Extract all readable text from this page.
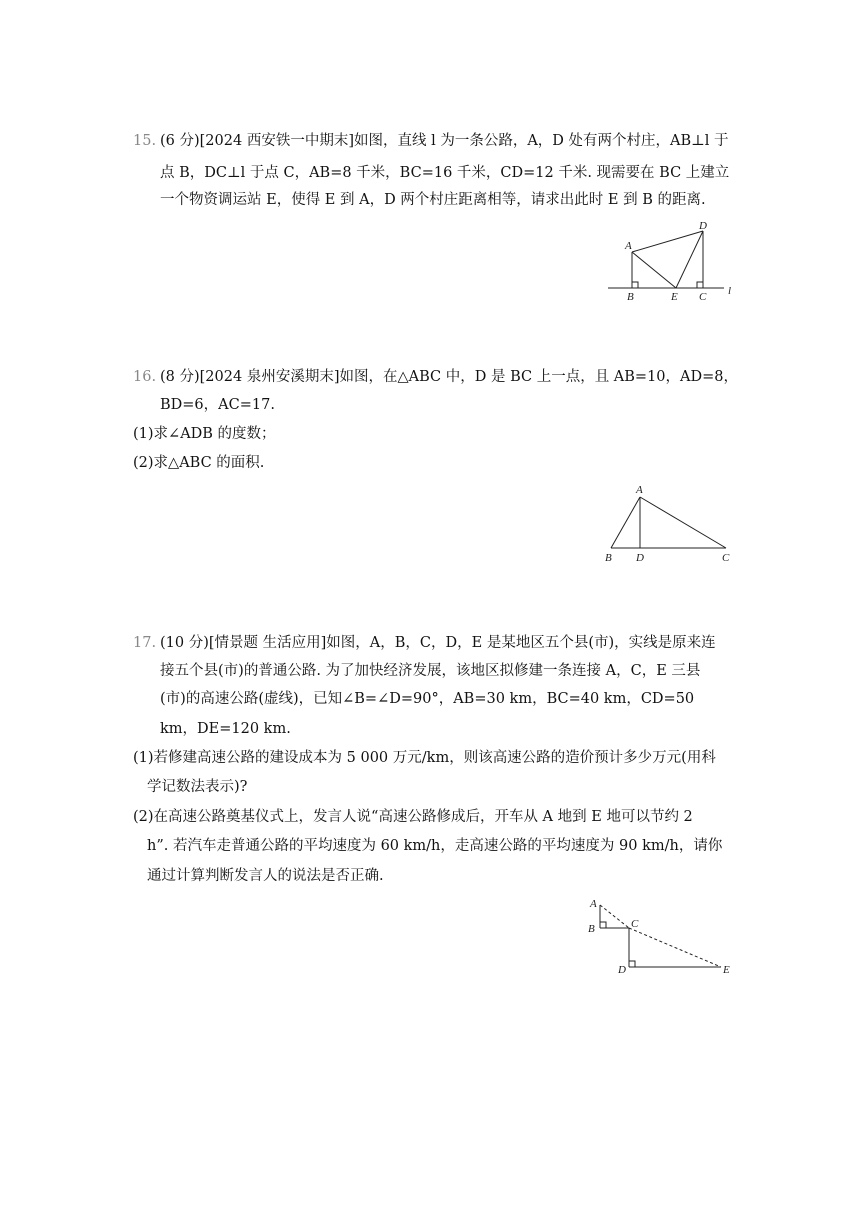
15. (6 分)[2024 西安铁一中期末]如图，直线 l 为一条公路，A，D 处有两个村庄，AB⊥l 于
点 B，DC⊥l 于点 C，AB=8 千米，BC=16 千米，CD=12 千米. 现需要在 BC 上建立
一个物资调运站 E，使得 E 到 A，D 两个村庄距离相等，请求出此时 E 到 B 的距离.
A
D
B	E C l
16. (8 分)[2024 泉州安溪期末]如图，在△ABC 中，D 是 BC 上一点，且 AB=10，AD=8，
BD=6，AC=17.
(1)求∠ADB 的度数；
(2)求△ABC 的面积.
A
B D	C
17. (10 分)[情景题 生活应用]如图，A，B，C，D，E 是某地区五个县(市)，实线是原来连
接五个县(市)的普通公路. 为了加快经济发展，该地区拟修建一条连接 A，C，E 三县
(市)的高速公路(虚线)，已知∠B=∠D=90°，AB=30 km，BC=40 km，CD=50
km，DE=120 km.
(1)若修建高速公路的建设成本为 5 000 万元/km，则该高速公路的造价预计多少万元(用科
学记数法表示)?
(2)在高速公路奠基仪式上，发言人说“高速公路修成后，开车从 A 地到 E 地可以节约 2
h”. 若汽车走普通公路的平均速度为 60 km/h，走高速公路的平均速度为 90 km/h，请你
通过计算判断发言人的说法是否正确.
A
B	C
D	E
